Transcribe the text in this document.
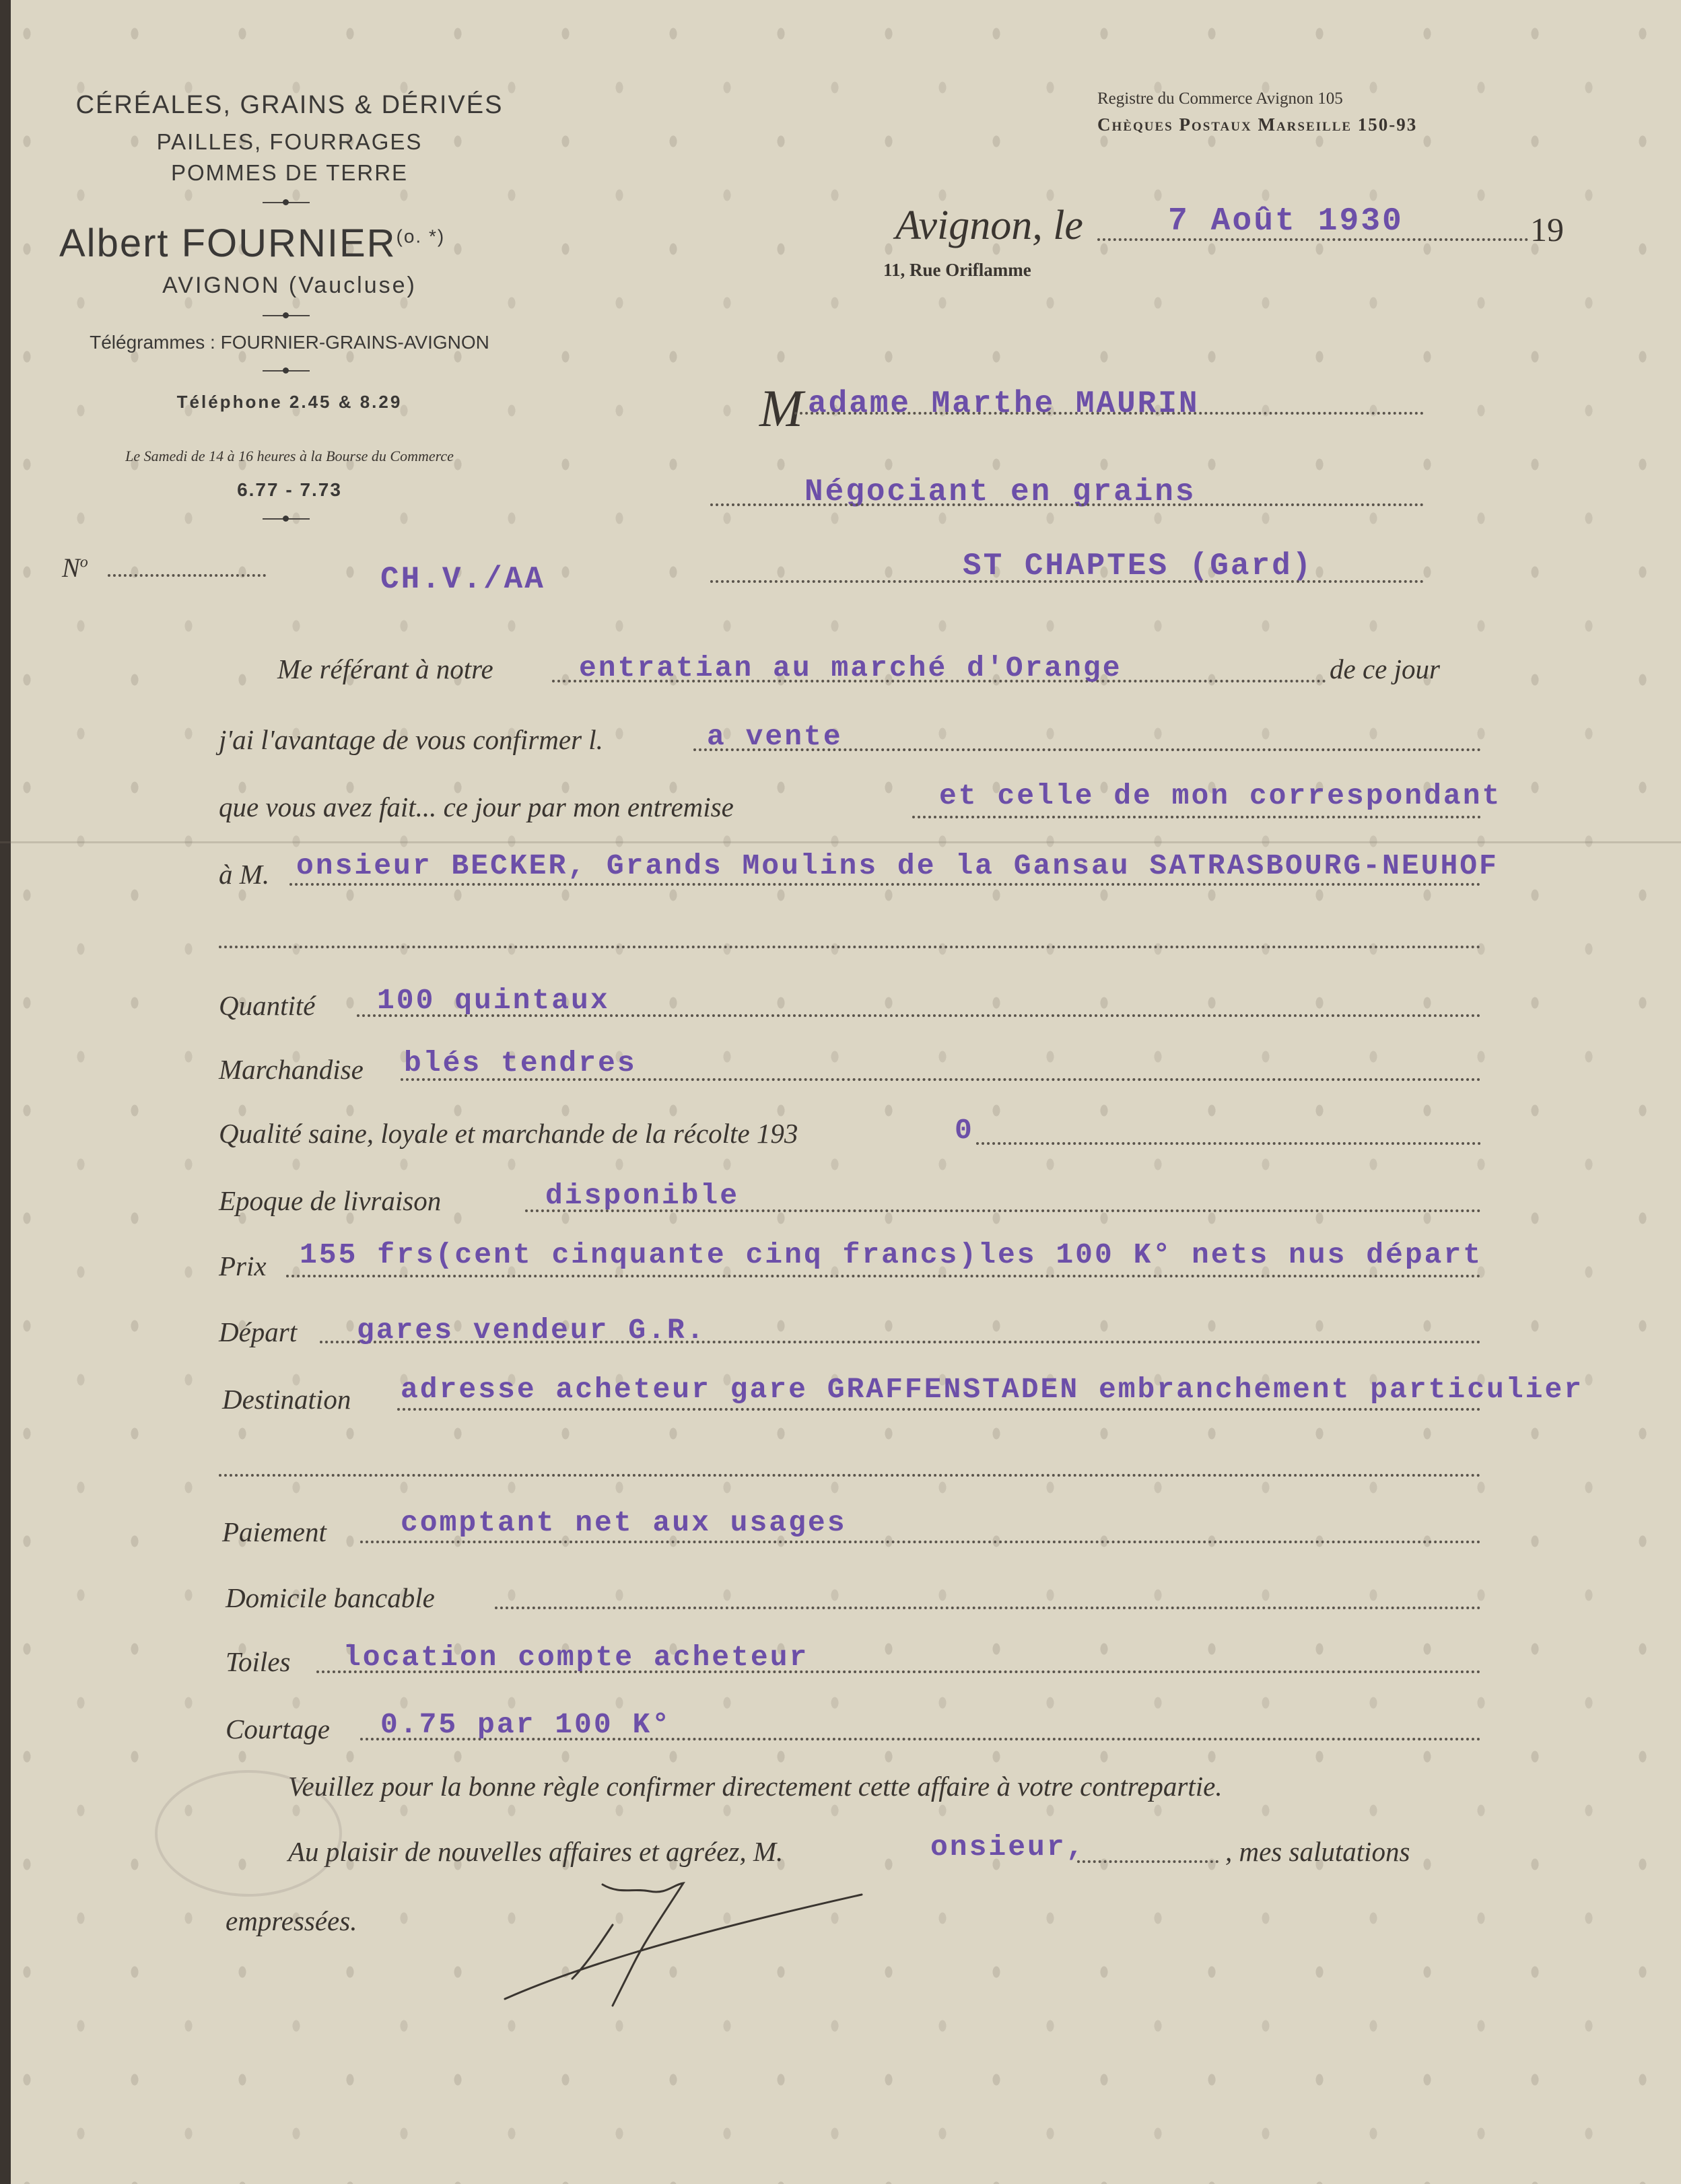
CÉRÉALES, GRAINS & DÉRIVÉS
PAILLES, FOURRAGES
POMMES DE TERRE
Albert $FOURNIER^{(o. *)}$
AVIGNON (Vaucluse)
Télégrammes : FOURNIER-GRAINS-AVIGNON
Téléphone 2.45 & 8.29
Le Samedi de 14 à 16 heures à la Bourse du Commerce
6.77 - 7.73
Registre du Commerce Avignon 105
Chèques Postaux Marseille 150-93
Avignon, le	7 Août 1930	19
11, Rue Oriflamme
M adame Marthe MAURIN
Négociant en grains
ST CHAPTES (Gard)
$N^o$	CH.V./AA
Me référant à notre	entratian au marché d'Orange	de ce jour
j'ai l'avantage de vous confirmer l.	a vente
que vous avez fait... ce jour par mon entremise	et celle de mon correspondant
à M. onsieur BECKER, Grands Moulins de la Gansau SATRASBOURG-NEUHOF
Quantité 100 quintaux
Marchandise blés tendres
Qualité saine, loyale et marchande de la récolte 193	0
Epoque de livraison	disponible
Prix 155 frs(cent cinquante cinq francs)les 100 K° nets nus départ
Départ gares vendeur G.R.
Destination adresse acheteur gare GRAFFENSTADEN embranchement particulier
Paiement	comptant net aux usages
Domicile bancable
Toiles location compte acheteur
Courtage 0.75 par 100 K°
Veuillez pour la bonne règle confirmer directement cette affaire à votre contrepartie.
Au plaisir de nouvelles affaires et agréez, M.	onsieur,	, mes salutations
empressées.
